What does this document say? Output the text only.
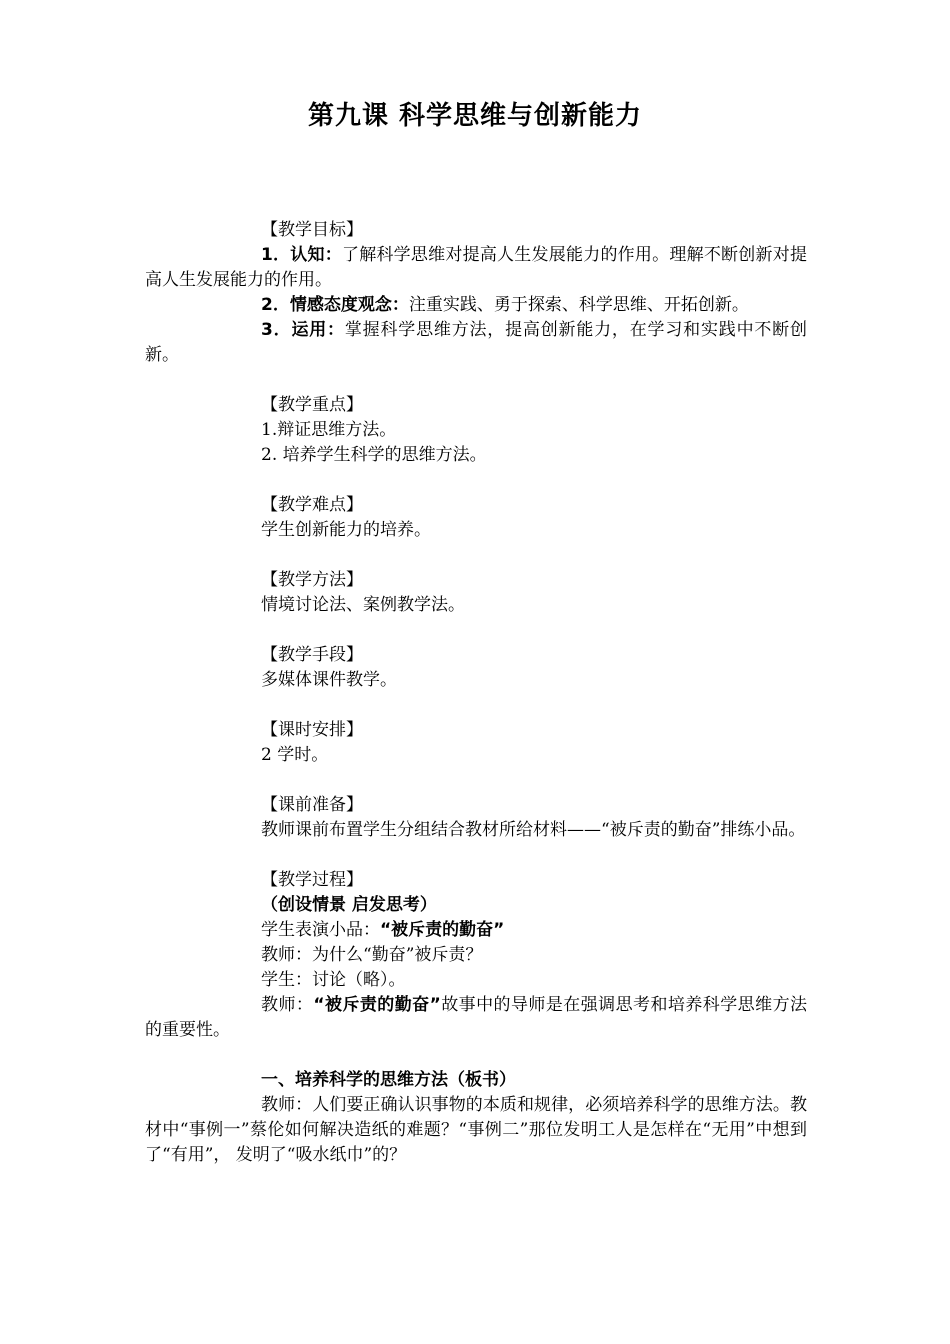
第九课 科学思维与创新能力

【教学目标】

1．认知：了解科学思维对提高人生发展能力的作用。理解不断创新对提高人生发展能力的作用。

2．情感态度观念：注重实践、勇于探索、科学思维、开拓创新。

3．运用：掌握科学思维方法，提高创新能力，在学习和实践中不断创新。

【教学重点】

1.辩证思维方法。

2. 培养学生科学的思维方法。

【教学难点】

学生创新能力的培养。

【教学方法】

情境讨论法、案例教学法。

【教学手段】

多媒体课件教学。

【课时安排】

2 学时。

【课前准备】

教师课前布置学生分组结合教材所给材料——“被斥责的勤奋”排练小品。

【教学过程】

（创设情景 启发思考）

学生表演小品：“被斥责的勤奋”

教师：为什么“勤奋”被斥责？

学生：讨论（略）。

教师：“被斥责的勤奋”故事中的导师是在强调思考和培养科学思维方法的重要性。

一、培养科学的思维方法（板书）

教师：人们要正确认识事物的本质和规律，必须培养科学的思维方法。教材中“事例一”蔡伦如何解决造纸的难题？“事例二”那位发明工人是怎样在“无用”中想到了“有用”， 发明了“吸水纸巾”的？
